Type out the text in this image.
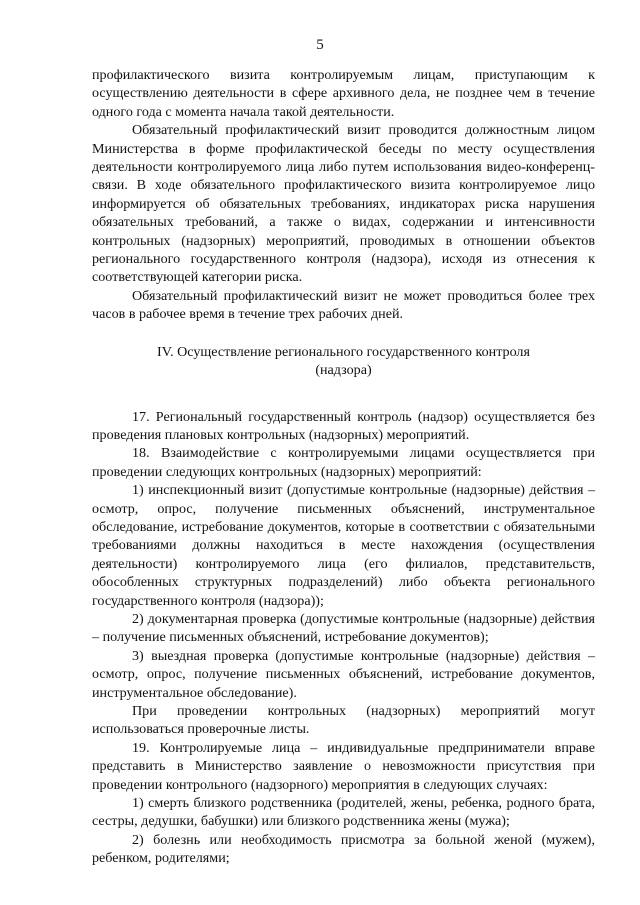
5

профилактического визита контролируемым лицам, приступающим к осуществлению деятельности в сфере архивного дела, не позднее чем в течение одного года с момента начала такой деятельности.

Обязательный профилактический визит проводится должностным лицом Министерства в форме профилактической беседы по месту осуществления деятельности контролируемого лица либо путем использования видео-конференц-связи. В ходе обязательного профилактического визита контролируемое лицо информируется об обязательных требованиях, индикаторах риска нарушения обязательных требований, а также о видах, содержании и интенсивности контрольных (надзорных) мероприятий, проводимых в отношении объектов регионального государственного контроля (надзора), исходя из отнесения к соответствующей категории риска.

Обязательный профилактический визит не может проводиться более трех часов в рабочее время в течение трех рабочих дней.

IV. Осуществление регионального государственного контроля (надзора)

17. Региональный государственный контроль (надзор) осуществляется без проведения плановых контрольных (надзорных) мероприятий.

18. Взаимодействие с контролируемыми лицами осуществляется при проведении следующих контрольных (надзорных) мероприятий:

1) инспекционный визит (допустимые контрольные (надзорные) действия – осмотр, опрос, получение письменных объяснений, инструментальное обследование, истребование документов, которые в соответствии с обязательными требованиями должны находиться в месте нахождения (осуществления деятельности) контролируемого лица (его филиалов, представительств, обособленных структурных подразделений) либо объекта регионального государственного контроля (надзора));

2) документарная проверка (допустимые контрольные (надзорные) действия – получение письменных объяснений, истребование документов);

3) выездная проверка (допустимые контрольные (надзорные) действия – осмотр, опрос, получение письменных объяснений, истребование документов, инструментальное обследование).

При проведении контрольных (надзорных) мероприятий могут использоваться проверочные листы.

19. Контролируемые лица – индивидуальные предприниматели вправе представить в Министерство заявление о невозможности присутствия при проведении контрольного (надзорного) мероприятия в следующих случаях:

1) смерть близкого родственника (родителей, жены, ребенка, родного брата, сестры, дедушки, бабушки) или близкого родственника жены (мужа);

2) болезнь или необходимость присмотра за больной женой (мужем), ребенком, родителями;
